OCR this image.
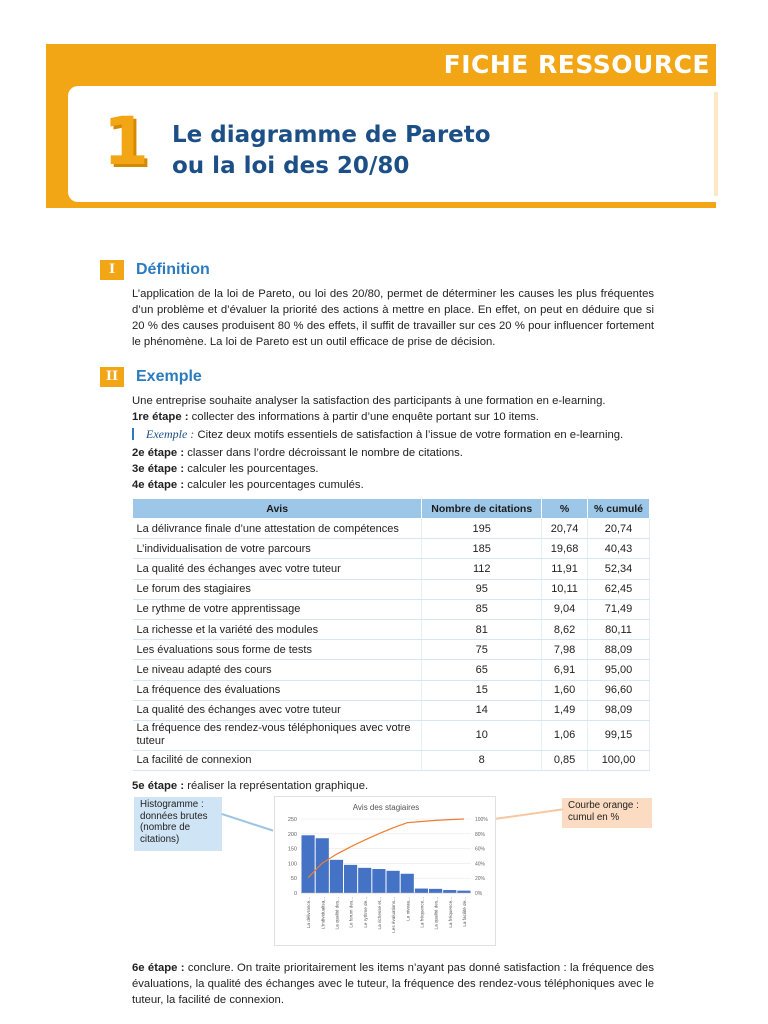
FICHE RESSOURCE
1	Le diagramme de Pareto
ou la loi des 20/80
I	Définition
L’application de la loi de Pareto, ou loi des 20/80, permet de déterminer les causes les plus fréquentes d’un problème et d’évaluer la priorité des actions à mettre en place. En effet, on peut en déduire que si 20 % des causes produisent 80 % des effets, il suffit de travailler sur ces 20 % pour influencer fortement le phénomène. La loi de Pareto est un outil efficace de prise de décision.
II	Exemple
Une entreprise souhaite analyser la satisfaction des participants à une formation en e-learning.
1re étape : collecter des informations à partir d’une enquête portant sur 10 items.
Exemple : Citez deux motifs essentiels de satisfaction à l’issue de votre formation en e-learning.
2e étape : classer dans l’ordre décroissant le nombre de citations.
3e étape : calculer les pourcentages.
4e étape : calculer les pourcentages cumulés.
Avis	Nombre de citations	%	% cumulé
La délivrance finale d’une attestation de compétences	195	20,74	20,74
L’individualisation de votre parcours	185	19,68	40,43
La qualité des échanges avec votre tuteur	112	11,91	52,34
Le forum des stagiaires	95	10,11	62,45
Le rythme de votre apprentissage	85	9,04	71,49
La richesse et la variété des modules	81	8,62	80,11
Les évaluations sous forme de tests	75	7,98	88,09
Le niveau adapté des cours	65	6,91	95,00
La fréquence des évaluations	15	1,60	96,60
La qualité des échanges avec votre tuteur	14	1,49	98,09
La fréquence des rendez-vous téléphoniques avec votre tuteur	10	1,06	99,15
La facilité de connexion	8	0,85	100,00
5e étape : réaliser la représentation graphique.
Histogramme : données brutes (nombre de citations)
Courbe orange : cumul en %
Avis des stagiaires
0
50
100
150
200
250
0%
20%
40%
60%
80%
100%
La délivrance... L'individualisa... La qualité des... Le forum des... Le rythme de... La richesse et... Les évaluations... Le niveau... La fréquence... La qualité des... La fréquence... La facilité de...
6e étape : conclure. On traite prioritairement les items n’ayant pas donné satisfaction : la fréquence des évaluations, la qualité des échanges avec le tuteur, la fréquence des rendez-vous téléphoniques avec le tuteur, la facilité de connexion.
